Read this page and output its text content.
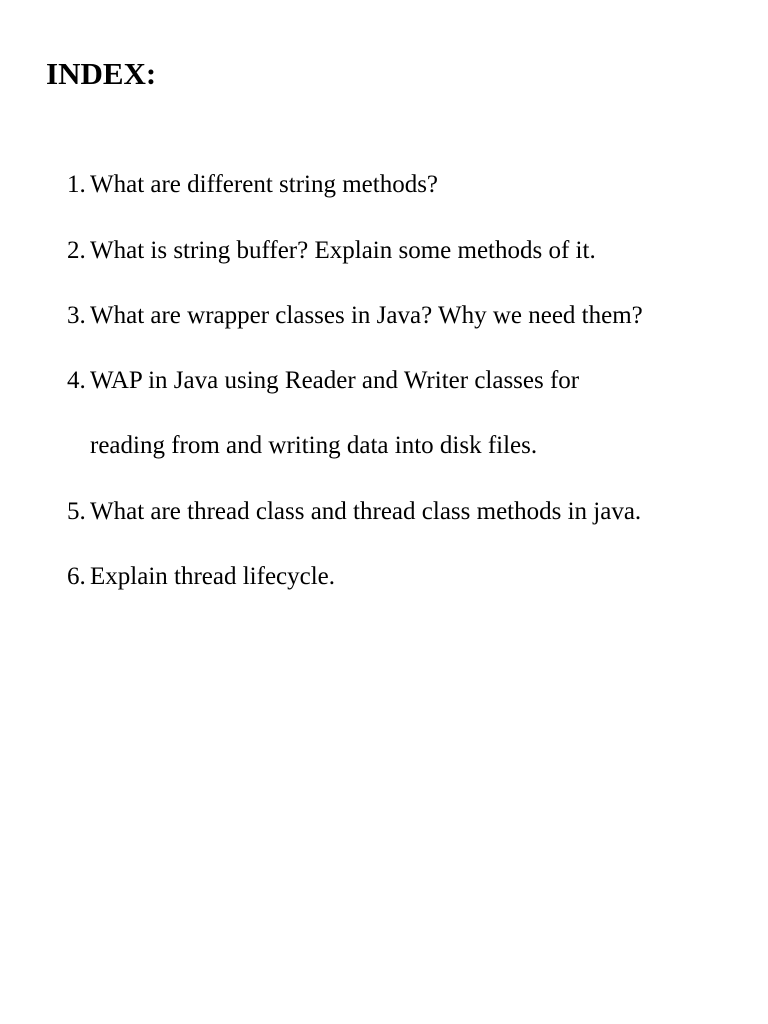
INDEX:
1. What are different string methods?
2. What is string buffer? Explain some methods of it.
3. What are wrapper classes in Java? Why we need them?
4. WAP in Java using Reader and Writer classes for
reading from and writing data into disk files.
5. What are thread class and thread class methods in java.
6. Explain thread lifecycle.
